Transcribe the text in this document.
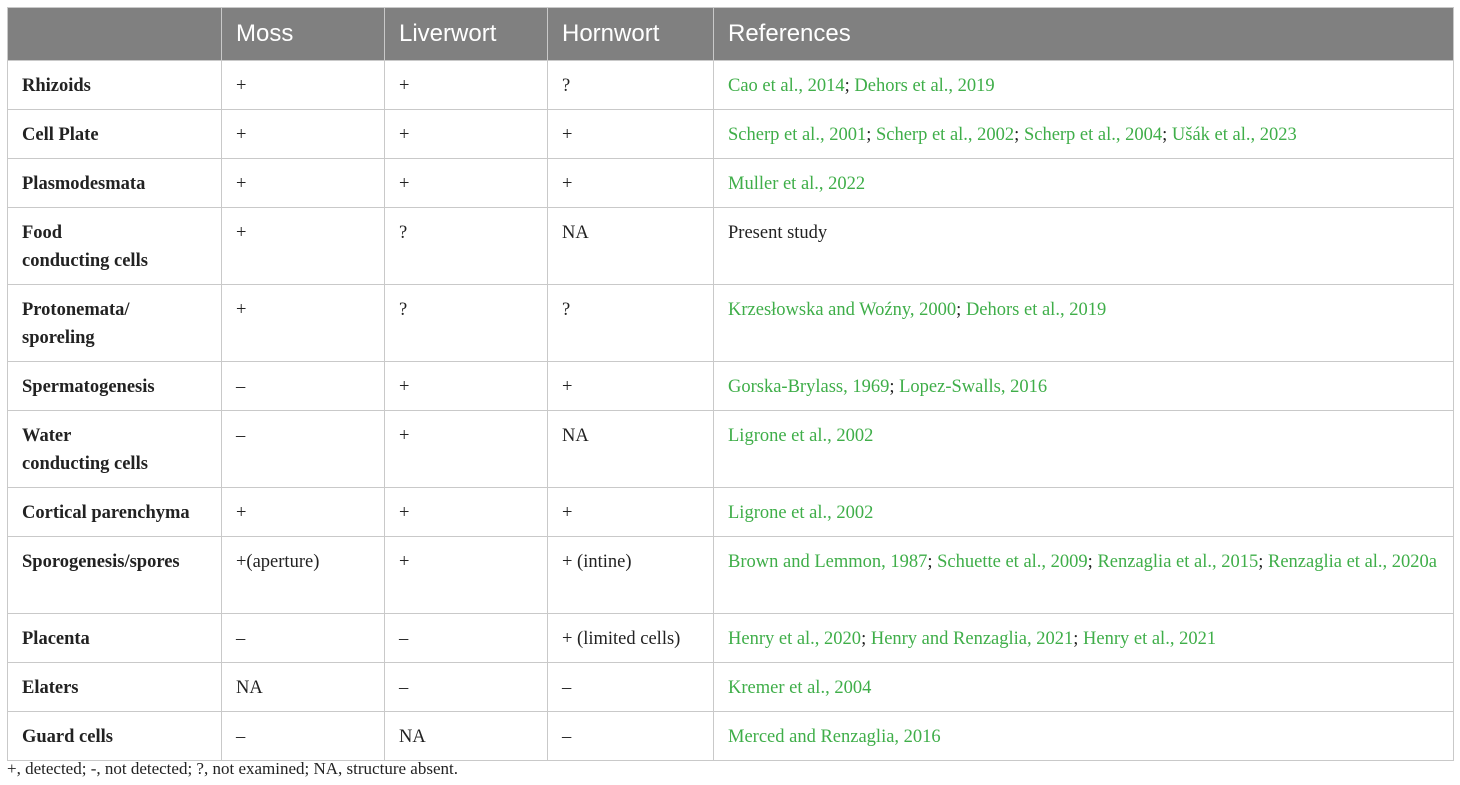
	Moss	Liverwort	Hornwort	References
Rhizoids	+	+	?	Cao et al., 2014; Dehors et al., 2019
Cell Plate	+	+	+	Scherp et al., 2001; Scherp et al., 2002; Scherp et al., 2004; Ušák et al., 2023
Plasmodesmata	+	+	+	Muller et al., 2022
Food
conducting cells	+	?	NA	Present study
Protonemata/
sporeling	+	?	?	Krzesłowska and Woźny, 2000; Dehors et al., 2019
Spermatogenesis	–	+	+	Gorska-Brylass, 1969; Lopez-Swalls, 2016
Water
conducting cells	–	+	NA	Ligrone et al., 2002
Cortical parenchyma	+	+	+	Ligrone et al., 2002
Sporogenesis/spores	+(aperture)	+	+ (intine)	Brown and Lemmon, 1987; Schuette et al., 2009; Renzaglia et al., 2015; Renzaglia et al., 2020a
Placenta	–	–	+ (limited cells)	Henry et al., 2020; Henry and Renzaglia, 2021; Henry et al., 2021
Elaters	NA	–	–	Kremer et al., 2004
Guard cells	–	NA	–	Merced and Renzaglia, 2016
+, detected; -, not detected; ?, not examined; NA, structure absent.
